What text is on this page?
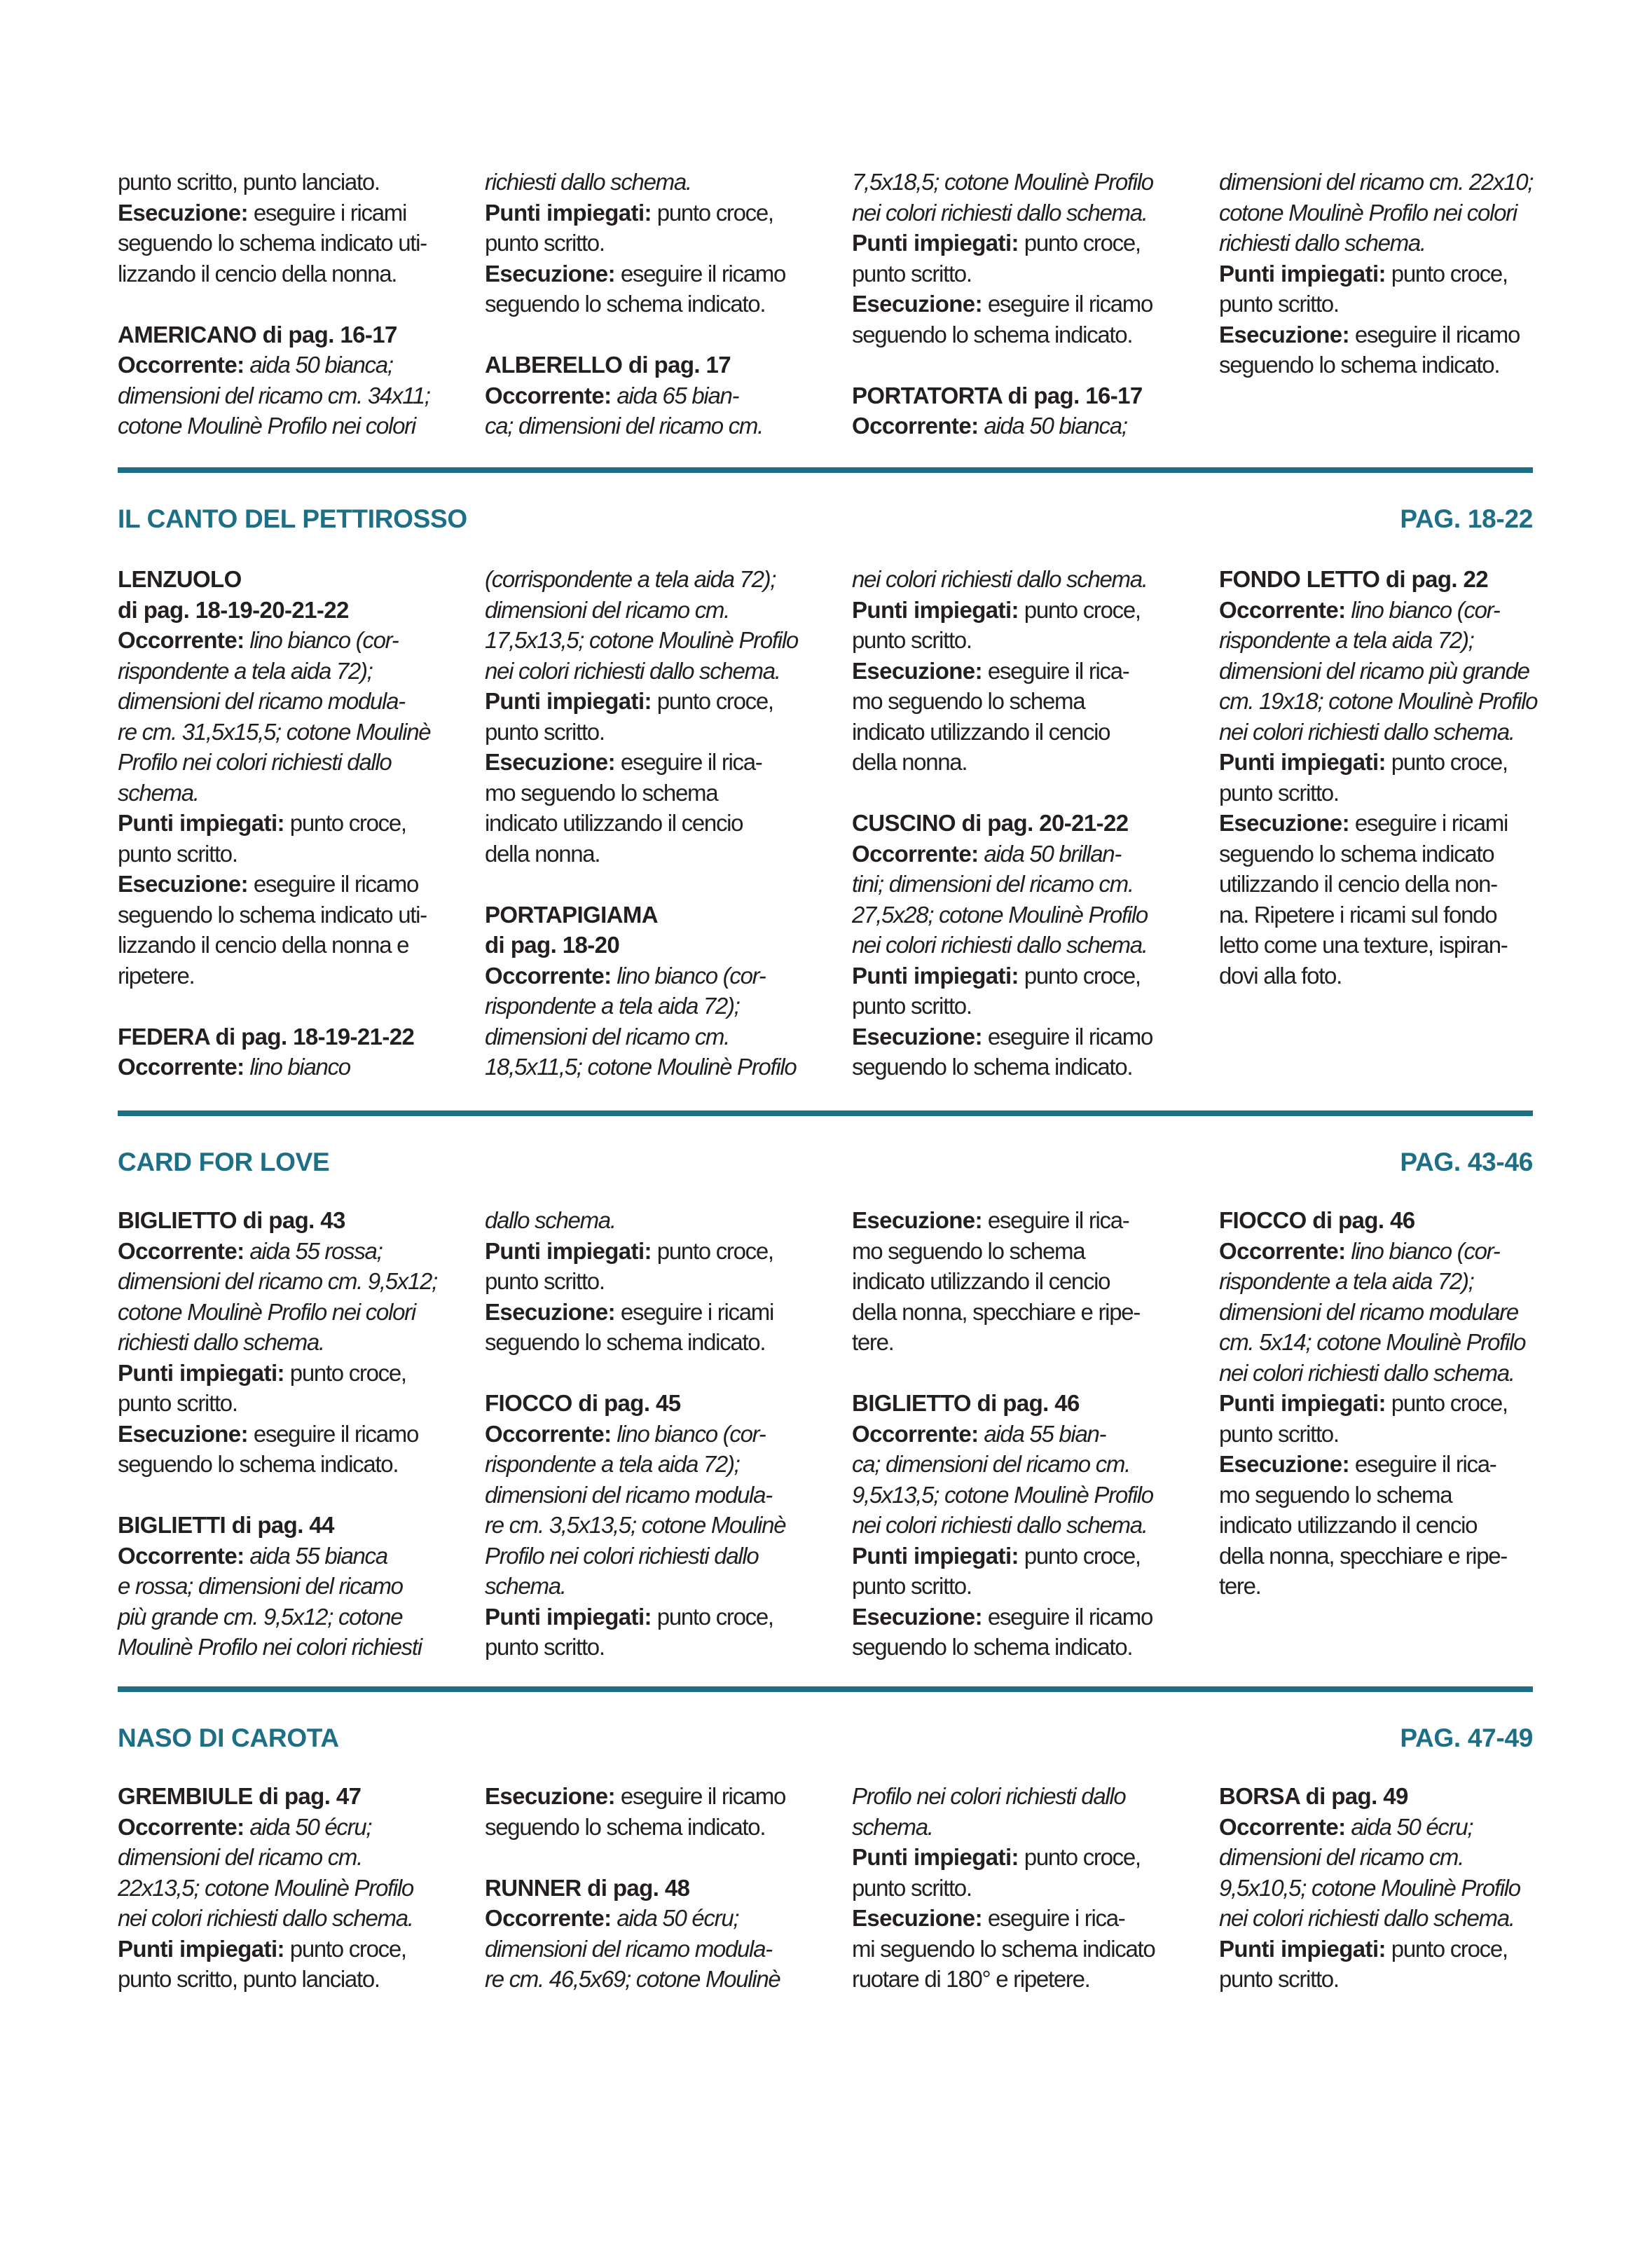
punto scritto, punto lanciato.

Esecuzione: eseguire i ricami

seguendo lo schema indicato uti-

lizzando il cencio della nonna.

AMERICANO di pag. 16-17

Occorrente: aida 50 bianca;

dimensioni del ricamo cm. 34x11;

cotone Moulinè Profilo nei colori

richiesti dallo schema.

Punti impiegati: punto croce,

punto scritto.

Esecuzione: eseguire il ricamo

seguendo lo schema indicato.

ALBERELLO di pag. 17

Occorrente: aida 65 bian-

ca; dimensioni del ricamo cm.

7,5x18,5; cotone Moulinè Profilo

nei colori richiesti dallo schema.

Punti impiegati: punto croce,

punto scritto.

Esecuzione: eseguire il ricamo

seguendo lo schema indicato.

PORTATORTA di pag. 16-17

Occorrente: aida 50 bianca;

dimensioni del ricamo cm. 22x10;

cotone Moulinè Profilo nei colori

richiesti dallo schema.

Punti impiegati: punto croce,

punto scritto.

Esecuzione: eseguire il ricamo

seguendo lo schema indicato.

IL CANTO DEL PETTIROSSO	PAG. 18-22

LENZUOLO

di pag. 18-19-20-21-22

Occorrente: lino bianco (cor-

rispondente a tela aida 72);

dimensioni del ricamo modula-

re cm. 31,5x15,5; cotone Moulinè

Profilo nei colori richiesti dallo

schema.

Punti impiegati: punto croce,

punto scritto.

Esecuzione: eseguire il ricamo

seguendo lo schema indicato uti-

lizzando il cencio della nonna e

ripetere.

FEDERA di pag. 18-19-21-22

Occorrente: lino bianco

(corrispondente a tela aida 72);

dimensioni del ricamo cm.

17,5x13,5; cotone Moulinè Profilo

nei colori richiesti dallo schema.

Punti impiegati: punto croce,

punto scritto.

Esecuzione: eseguire il rica-

mo seguendo lo schema

indicato utilizzando il cencio

della nonna.

PORTAPIGIAMA

di pag. 18-20

Occorrente: lino bianco (cor-

rispondente a tela aida 72);

dimensioni del ricamo cm.

18,5x11,5; cotone Moulinè Profilo

nei colori richiesti dallo schema.

Punti impiegati: punto croce,

punto scritto.

Esecuzione: eseguire il rica-

mo seguendo lo schema

indicato utilizzando il cencio

della nonna.

CUSCINO di pag. 20-21-22

Occorrente: aida 50 brillan-

tini; dimensioni del ricamo cm.

27,5x28; cotone Moulinè Profilo

nei colori richiesti dallo schema.

Punti impiegati: punto croce,

punto scritto.

Esecuzione: eseguire il ricamo

seguendo lo schema indicato.

FONDO LETTO di pag. 22

Occorrente: lino bianco (cor-

rispondente a tela aida 72);

dimensioni del ricamo più grande

cm. 19x18; cotone Moulinè Profilo

nei colori richiesti dallo schema.

Punti impiegati: punto croce,

punto scritto.

Esecuzione: eseguire i ricami

seguendo lo schema indicato

utilizzando il cencio della non-

na. Ripetere i ricami sul fondo

letto come una texture, ispiran-

dovi alla foto.

CARD FOR LOVE	PAG. 43-46

BIGLIETTO di pag. 43

Occorrente: aida 55 rossa;

dimensioni del ricamo cm. 9,5x12;

cotone Moulinè Profilo nei colori

richiesti dallo schema.

Punti impiegati: punto croce,

punto scritto.

Esecuzione: eseguire il ricamo

seguendo lo schema indicato.

BIGLIETTI di pag. 44

Occorrente: aida 55 bianca

e rossa; dimensioni del ricamo

più grande cm. 9,5x12; cotone

Moulinè Profilo nei colori richiesti

dallo schema.

Punti impiegati: punto croce,

punto scritto.

Esecuzione: eseguire i ricami

seguendo lo schema indicato.

FIOCCO di pag. 45

Occorrente: lino bianco (cor-

rispondente a tela aida 72);

dimensioni del ricamo modula-

re cm. 3,5x13,5; cotone Moulinè

Profilo nei colori richiesti dallo

schema.

Punti impiegati: punto croce,

punto scritto.

Esecuzione: eseguire il rica-

mo seguendo lo schema

indicato utilizzando il cencio

della nonna, specchiare e ripe-

tere.

BIGLIETTO di pag. 46

Occorrente: aida 55 bian-

ca; dimensioni del ricamo cm.

9,5x13,5; cotone Moulinè Profilo

nei colori richiesti dallo schema.

Punti impiegati: punto croce,

punto scritto.

Esecuzione: eseguire il ricamo

seguendo lo schema indicato.

FIOCCO di pag. 46

Occorrente: lino bianco (cor-

rispondente a tela aida 72);

dimensioni del ricamo modulare

cm. 5x14; cotone Moulinè Profilo

nei colori richiesti dallo schema.

Punti impiegati: punto croce,

punto scritto.

Esecuzione: eseguire il rica-

mo seguendo lo schema

indicato utilizzando il cencio

della nonna, specchiare e ripe-

tere.

NASO DI CAROTA	PAG. 47-49

GREMBIULE di pag. 47

Occorrente: aida 50 écru;

dimensioni del ricamo cm.

22x13,5; cotone Moulinè Profilo

nei colori richiesti dallo schema.

Punti impiegati: punto croce,

punto scritto, punto lanciato.

Esecuzione: eseguire il ricamo

seguendo lo schema indicato.

RUNNER di pag. 48

Occorrente: aida 50 écru;

dimensioni del ricamo modula-

re cm. 46,5x69; cotone Moulinè

Profilo nei colori richiesti dallo

schema.

Punti impiegati: punto croce,

punto scritto.

Esecuzione: eseguire i rica-

mi seguendo lo schema indicato

ruotare di 180° e ripetere.

BORSA di pag. 49

Occorrente: aida 50 écru;

dimensioni del ricamo cm.

9,5x10,5; cotone Moulinè Profilo

nei colori richiesti dallo schema.

Punti impiegati: punto croce,

punto scritto.
